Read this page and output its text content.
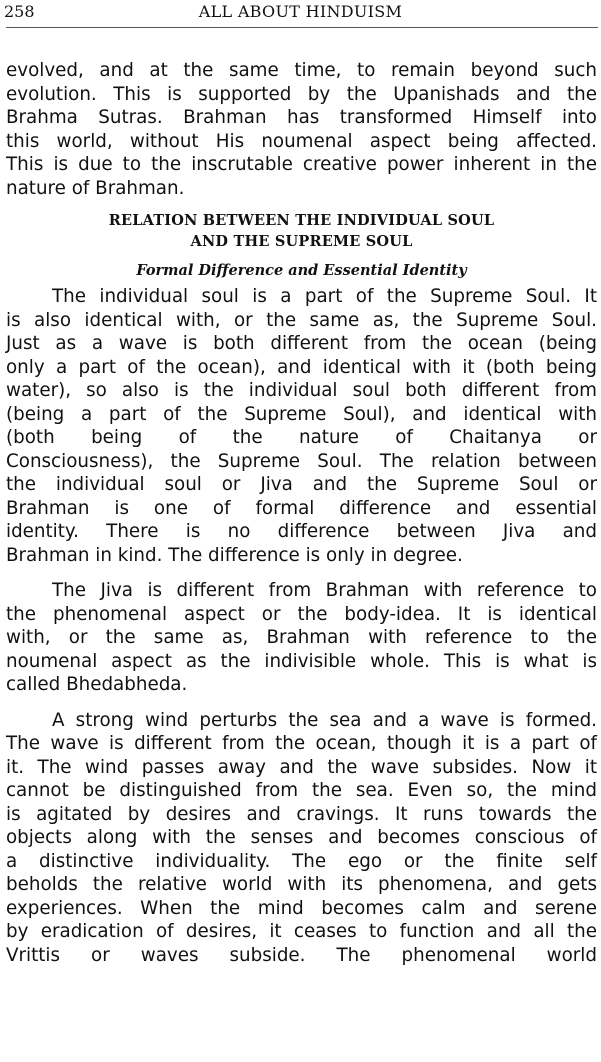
258	ALL ABOUT HINDUISM

evolved, and at the same time, to remain beyond such
evolution. This is supported by the Upanishads and the
Brahma Sutras. Brahman has transformed Himself into
this world, without His noumenal aspect being affected.
This is due to the inscrutable creative power inherent in the
nature of Brahman.

RELATION BETWEEN THE INDIVIDUAL SOUL
AND THE SUPREME SOUL
Formal Difference and Essential Identity

The individual soul is a part of the Supreme Soul. It
is also identical with, or the same as, the Supreme Soul.
Just as a wave is both different from the ocean (being
only a part of the ocean), and identical with it (both being
water), so also is the individual soul both different from
(being a part of the Supreme Soul), and identical with
(both being of the nature of Chaitanya or
Consciousness), the Supreme Soul. The relation between
the individual soul or Jiva and the Supreme Soul or
Brahman is one of formal difference and essential
identity. There is no difference between Jiva and
Brahman in kind. The difference is only in degree.

The Jiva is different from Brahman with reference to
the phenomenal aspect or the body-idea. It is identical
with, or the same as, Brahman with reference to the
noumenal aspect as the indivisible whole. This is what is
called Bhedabheda.

A strong wind perturbs the sea and a wave is formed.
The wave is different from the ocean, though it is a part of
it. The wind passes away and the wave subsides. Now it
cannot be distinguished from the sea. Even so, the mind
is agitated by desires and cravings. It runs towards the
objects along with the senses and becomes conscious of
a distinctive individuality. The ego or the finite self
beholds the relative world with its phenomena, and gets
experiences. When the mind becomes calm and serene
by eradication of desires, it ceases to function and all the
Vrittis or waves subside. The phenomenal world
